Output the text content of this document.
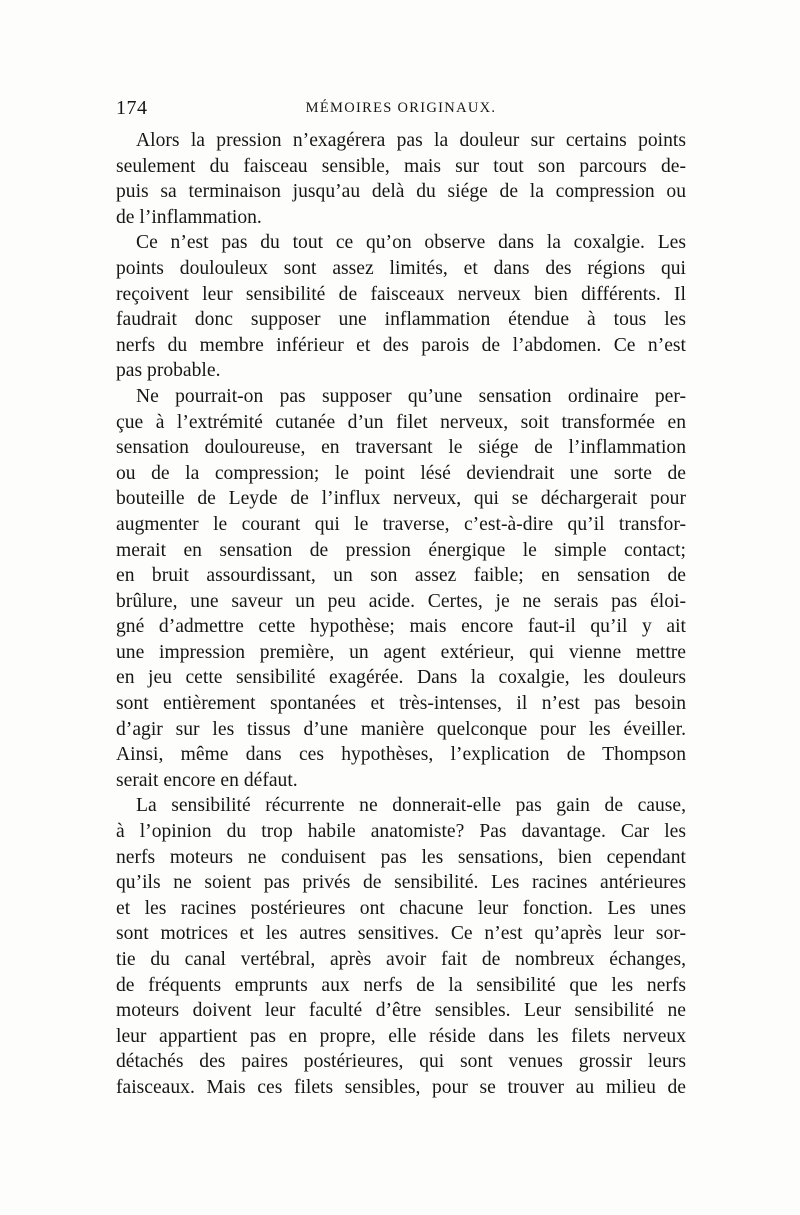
174	MÉMOIRES ORIGINAUX.

Alors la pression n’exagérera pas la douleur sur certains points
seulement du faisceau sensible, mais sur tout son parcours de-
puis sa terminaison jusqu’au delà du siége de la compression ou
de l’inflammation.

Ce n’est pas du tout ce qu’on observe dans la coxalgie. Les
points doulouleux sont assez limités, et dans des régions qui
reçoivent leur sensibilité de faisceaux nerveux bien différents. Il
faudrait donc supposer une inflammation étendue à tous les
nerfs du membre inférieur et des parois de l’abdomen. Ce n’est
pas probable.

Ne pourrait-on pas supposer qu’une sensation ordinaire per-
çue à l’extrémité cutanée d’un filet nerveux, soit transformée en
sensation douloureuse, en traversant le siége de l’inflammation
ou de la compression; le point lésé deviendrait une sorte de
bouteille de Leyde de l’influx nerveux, qui se déchargerait pour
augmenter le courant qui le traverse, c’est-à-dire qu’il transfor-
merait en sensation de pression énergique le simple contact;
en bruit assourdissant, un son assez faible; en sensation de
brûlure, une saveur un peu acide. Certes, je ne serais pas éloi-
gné d’admettre cette hypothèse; mais encore faut-il qu’il y ait
une impression première, un agent extérieur, qui vienne mettre
en jeu cette sensibilité exagérée. Dans la coxalgie, les douleurs
sont entièrement spontanées et très-intenses, il n’est pas besoin
d’agir sur les tissus d’une manière quelconque pour les éveiller.
Ainsi, même dans ces hypothèses, l’explication de Thompson
serait encore en défaut.

La sensibilité récurrente ne donnerait-elle pas gain de cause,
à l’opinion du trop habile anatomiste? Pas davantage. Car les
nerfs moteurs ne conduisent pas les sensations, bien cependant
qu’ils ne soient pas privés de sensibilité. Les racines antérieures
et les racines postérieures ont chacune leur fonction. Les unes
sont motrices et les autres sensitives. Ce n’est qu’après leur sor-
tie du canal vertébral, après avoir fait de nombreux échanges,
de fréquents emprunts aux nerfs de la sensibilité que les nerfs
moteurs doivent leur faculté d’être sensibles. Leur sensibilité ne
leur appartient pas en propre, elle réside dans les filets nerveux
détachés des paires postérieures, qui sont venues grossir leurs
faisceaux. Mais ces filets sensibles, pour se trouver au milieu de
